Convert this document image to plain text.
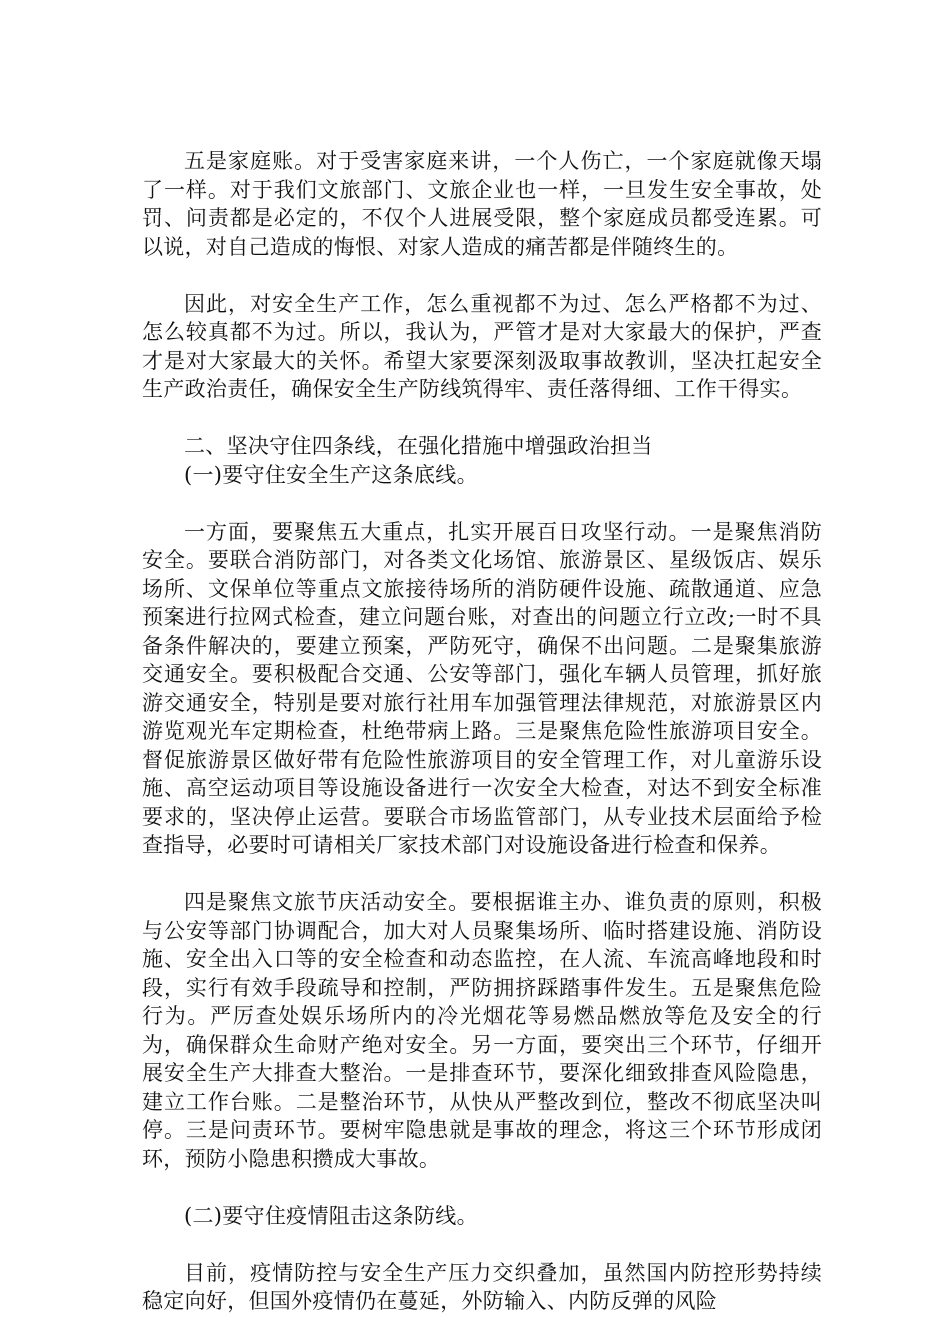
五是家庭账。对于受害家庭来讲，一个人伤亡，一个家庭就像天塌了一样。对于我们文旅部门、文旅企业也一样，一旦发生安全事故，处罚、问责都是必定的，不仅个人进展受限，整个家庭成员都受连累。可以说，对自己造成的悔恨、对家人造成的痛苦都是伴随终生的。

因此，对安全生产工作，怎么重视都不为过、怎么严格都不为过、怎么较真都不为过。所以，我认为，严管才是对大家最大的保护，严查才是对大家最大的关怀。希望大家要深刻汲取事故教训，坚决扛起安全生产政治责任，确保安全生产防线筑得牢、责任落得细、工作干得实。

二、坚决守住四条线，在强化措施中增强政治担当

(一)要守住安全生产这条底线。

一方面，要聚焦五大重点，扎实开展百日攻坚行动。一是聚焦消防安全。要联合消防部门，对各类文化场馆、旅游景区、星级饭店、娱乐场所、文保单位等重点文旅接待场所的消防硬件设施、疏散通道、应急预案进行拉网式检查，建立问题台账，对查出的问题立行立改;一时不具备条件解决的，要建立预案，严防死守，确保不出问题。二是聚集旅游交通安全。要积极配合交通、公安等部门，强化车辆人员管理，抓好旅游交通安全，特别是要对旅行社用车加强管理法律规范，对旅游景区内游览观光车定期检查，杜绝带病上路。三是聚焦危险性旅游项目安全。督促旅游景区做好带有危险性旅游项目的安全管理工作，对儿童游乐设施、高空运动项目等设施设备进行一次安全大检查，对达不到安全标准要求的，坚决停止运营。要联合市场监管部门，从专业技术层面给予检查指导，必要时可请相关厂家技术部门对设施设备进行检查和保养。

四是聚焦文旅节庆活动安全。要根据谁主办、谁负责的原则，积极与公安等部门协调配合，加大对人员聚集场所、临时搭建设施、消防设施、安全出入口等的安全检查和动态监控，在人流、车流高峰地段和时段，实行有效手段疏导和控制，严防拥挤踩踏事件发生。五是聚焦危险行为。严厉查处娱乐场所内的冷光烟花等易燃品燃放等危及安全的行为，确保群众生命财产绝对安全。另一方面，要突出三个环节，仔细开展安全生产大排查大整治。一是排查环节，要深化细致排查风险隐患，建立工作台账。二是整治环节，从快从严整改到位，整改不彻底坚决叫停。三是问责环节。要树牢隐患就是事故的理念，将这三个环节形成闭环，预防小隐患积攒成大事故。

(二)要守住疫情阻击这条防线。

目前，疫情防控与安全生产压力交织叠加，虽然国内防控形势持续稳定向好，但国外疫情仍在蔓延，外防输入、内防反弹的风险
